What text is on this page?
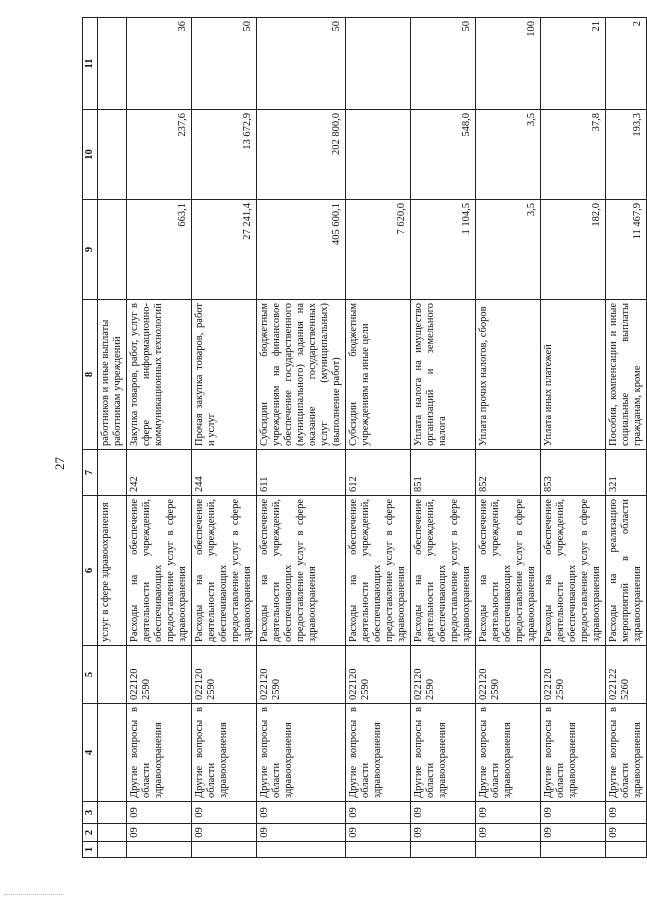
27
1	2	3	4	5	6	7	8	9	10	11
					услуг в сфере здравоохранения		работников и иные выплаты работникам учреждений			
	09	09	Другие вопросы в области здравоохранения	022120 2590	Расходы на обеспечение деятельности учреждений, обеспечивающих предоставление услуг в сфере здравоохранения	242	Закупка товаров, работ, услуг в сфере информационно-коммуникационных технологий	663,1	237,6	36
	09	09	Другие вопросы в области здравоохранения	022120 2590	Расходы на обеспечение деятельности учреждений, обеспечивающих предоставление услуг в сфере здравоохранения	244	Прочая закупка товаров, работ и услуг	27 241,4	13 672,9	50
	09	09	Другие вопросы в области здравоохранения	022120 2590	Расходы на обеспечение деятельности учреждений, обеспечивающих предоставление услуг в сфере здравоохранения	611	Субсидии бюджетным учреждениям на финансовое обеспечение государственного (муниципального) задания на оказание государственных услуг (муниципальных) (выполнение работ)	405 600,1	202 800,0	50
	09	09	Другие вопросы в области здравоохранения	022120 2590	Расходы на обеспечение деятельности учреждений, обеспечивающих предоставление услуг в сфере здравоохранения	612	Субсидии бюджетным учреждениям на иные цели	7 620,0		
	09	09	Другие вопросы в области здравоохранения	022120 2590	Расходы на обеспечение деятельности учреждений, обеспечивающих предоставление услуг в сфере здравоохранения	851	Уплата налога на имущество организаций и земельного налога	1 104,5	548,0	50
	09	09	Другие вопросы в области здравоохранения	022120 2590	Расходы на обеспечение деятельности учреждений, обеспечивающих предоставление услуг в сфере здравоохранения	852	Уплата прочих налогов, сборов	3,5	3,5	100
	09	09	Другие вопросы в области здравоохранения	022120 2590	Расходы на обеспечение деятельности учреждений, обеспечивающих предоставление услуг в сфере здравоохранения	853	Уплата иных платежей	182,0	37,8	21
	09	09	Другие вопросы в области здравоохранения	022122 5260	Расходы на реализацию мероприятий в области здравоохранения	321	Пособия, компенсации и иные социальные выплаты гражданам, кроме	11 467,9	193,3	2
